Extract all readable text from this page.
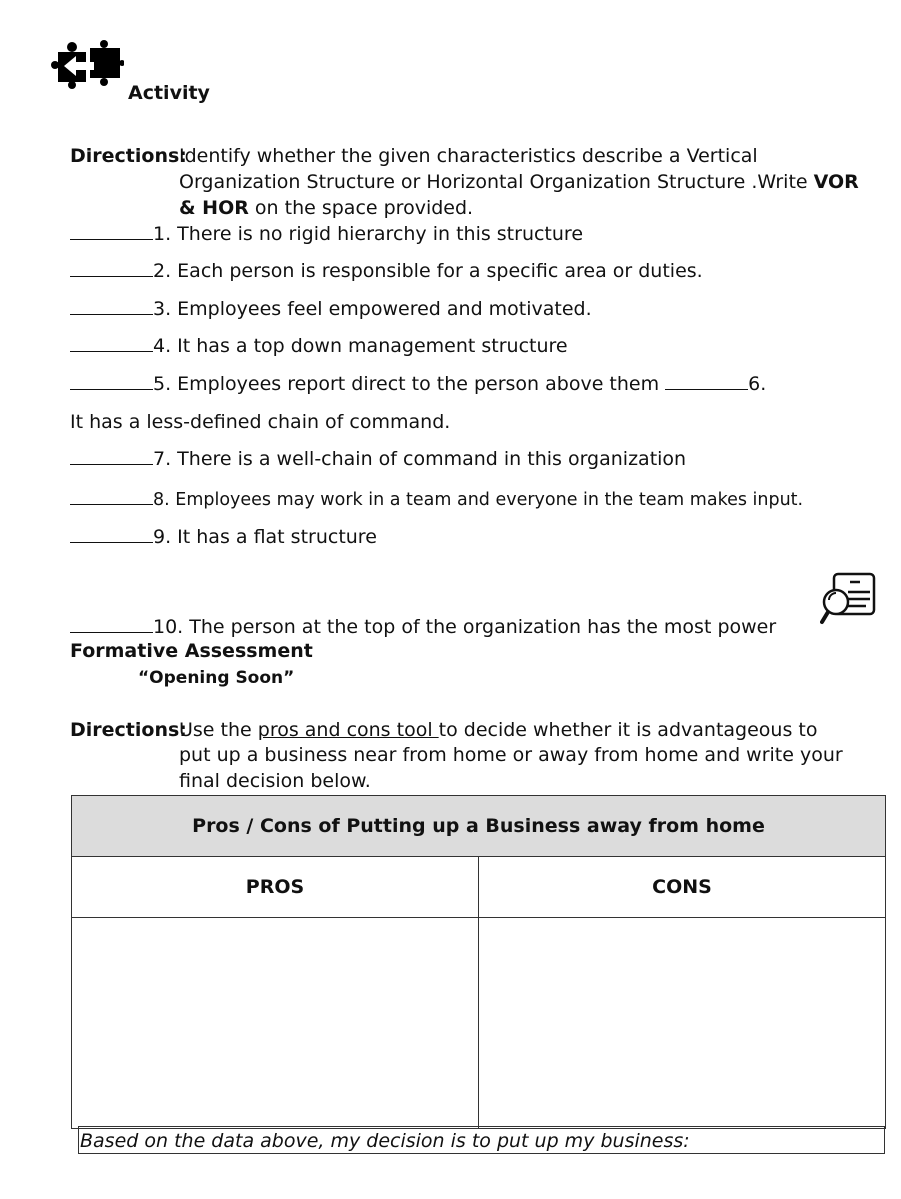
Activity
Directions:
Identify whether the given characteristics describe a Vertical
Organization Structure or Horizontal Organization Structure .Write VOR
& HOR on the space provided.
1. There is no rigid hierarchy in this structure
2. Each person is responsible for a specific area or duties.
3. Employees feel empowered and motivated.
4. It has a top down management structure
5. Employees report direct to the person above them	6.
It has a less-defined chain of command.
7. There is a well-chain of command in this organization
8. Employees may work in a team and everyone in the team makes input.
9. It has a flat structure
10. The person at the top of the organization has the most power
Formative Assessment
“Opening Soon”
Directions:
Use the pros and cons tool to decide whether it is advantageous to
put up a business near from home or away from home and write your
final decision below.
Pros / Cons of Putting up a Business away from home	
PROS	CONS

Based on the data above, my decision is to put up my business:
